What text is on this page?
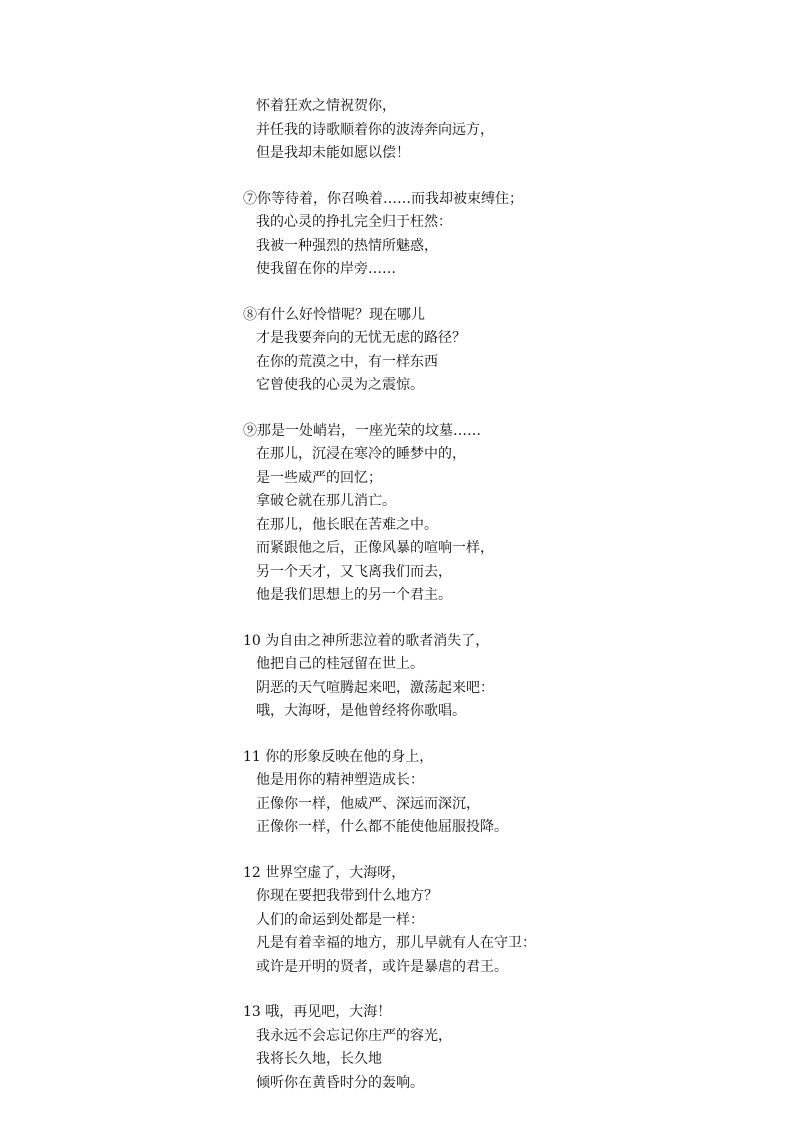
怀着狂欢之情祝贺你，
并任我的诗歌顺着你的波涛奔向远方，
但是我却未能如愿以偿！
⑦你等待着，你召唤着……而我却被束缚住；
我的心灵的挣扎完全归于枉然：
我被一种强烈的热情所魅惑，
使我留在你的岸旁……
⑧有什么好怜惜呢？现在哪儿
才是我要奔向的无忧无虑的路径？
在你的荒漠之中，有一样东西
它曾使我的心灵为之震惊。
⑨那是一处峭岩，一座光荣的坟墓……
在那儿，沉浸在寒冷的睡梦中的，
是一些威严的回忆；
拿破仑就在那儿消亡。
在那儿，他长眠在苦难之中。
而紧跟他之后，正像风暴的喧响一样，
另一个天才，又飞离我们而去，
他是我们思想上的另一个君主。
10 为自由之神所悲泣着的歌者消失了，
他把自己的桂冠留在世上。
阴恶的天气喧腾起来吧，激荡起来吧：
哦，大海呀，是他曾经将你歌唱。
11 你的形象反映在他的身上，
他是用你的精神塑造成长：
正像你一样，他威严、深远而深沉，
正像你一样，什么都不能使他屈服投降。
12 世界空虚了，大海呀，
你现在要把我带到什么地方？
人们的命运到处都是一样：
凡是有着幸福的地方，那儿早就有人在守卫：
或许是开明的贤者，或许是暴虐的君王。
13 哦，再见吧，大海！
我永远不会忘记你庄严的容光，
我将长久地，长久地
倾听你在黄昏时分的轰响。
